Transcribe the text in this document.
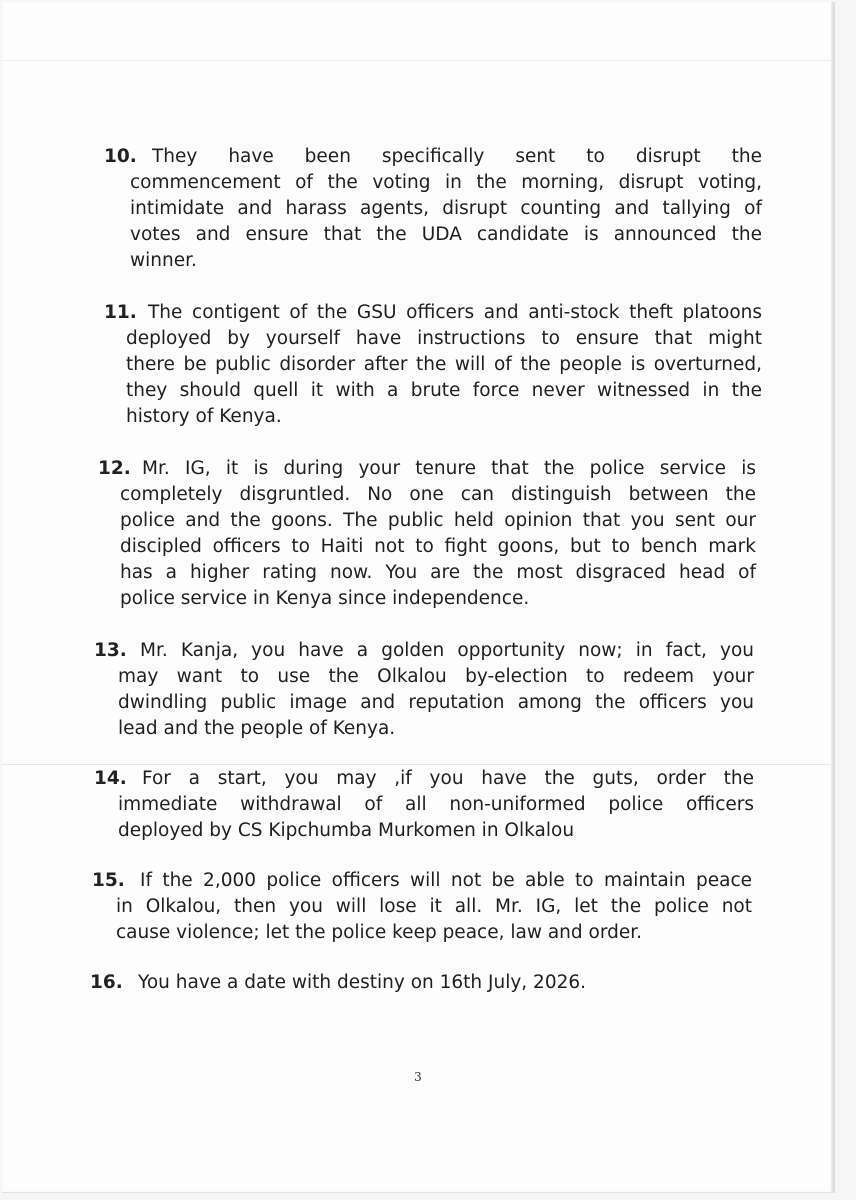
10. They have been specifically sent to disrupt the
commencement of the voting in the morning, disrupt voting,
intimidate and harass agents, disrupt counting and tallying of
votes and ensure that the UDA candidate is announced the
winner.
11. The contigent of the GSU officers and anti-stock theft platoons
deployed by yourself have instructions to ensure that might
there be public disorder after the will of the people is overturned,
they should quell it with a brute force never witnessed in the
history of Kenya.
12. Mr. IG, it is during your tenure that the police service is
completely disgruntled. No one can distinguish between the
police and the goons. The public held opinion that you sent our
discipled officers to Haiti not to fight goons, but to bench mark
has a higher rating now. You are the most disgraced head of
police service in Kenya since independence.
13. Mr. Kanja, you have a golden opportunity now; in fact, you
may want to use the Olkalou by-election to redeem your
dwindling public image and reputation among the officers you
lead and the people of Kenya.
14. For a start, you may ,if you have the guts, order the
immediate withdrawal of all non-uniformed police officers
deployed by CS Kipchumba Murkomen in Olkalou
15. If the 2,000 police officers will not be able to maintain peace
in Olkalou, then you will lose it all. Mr. IG, let the police not
cause violence; let the police keep peace, law and order.
16. You have a date with destiny on 16th July, 2026.
3
